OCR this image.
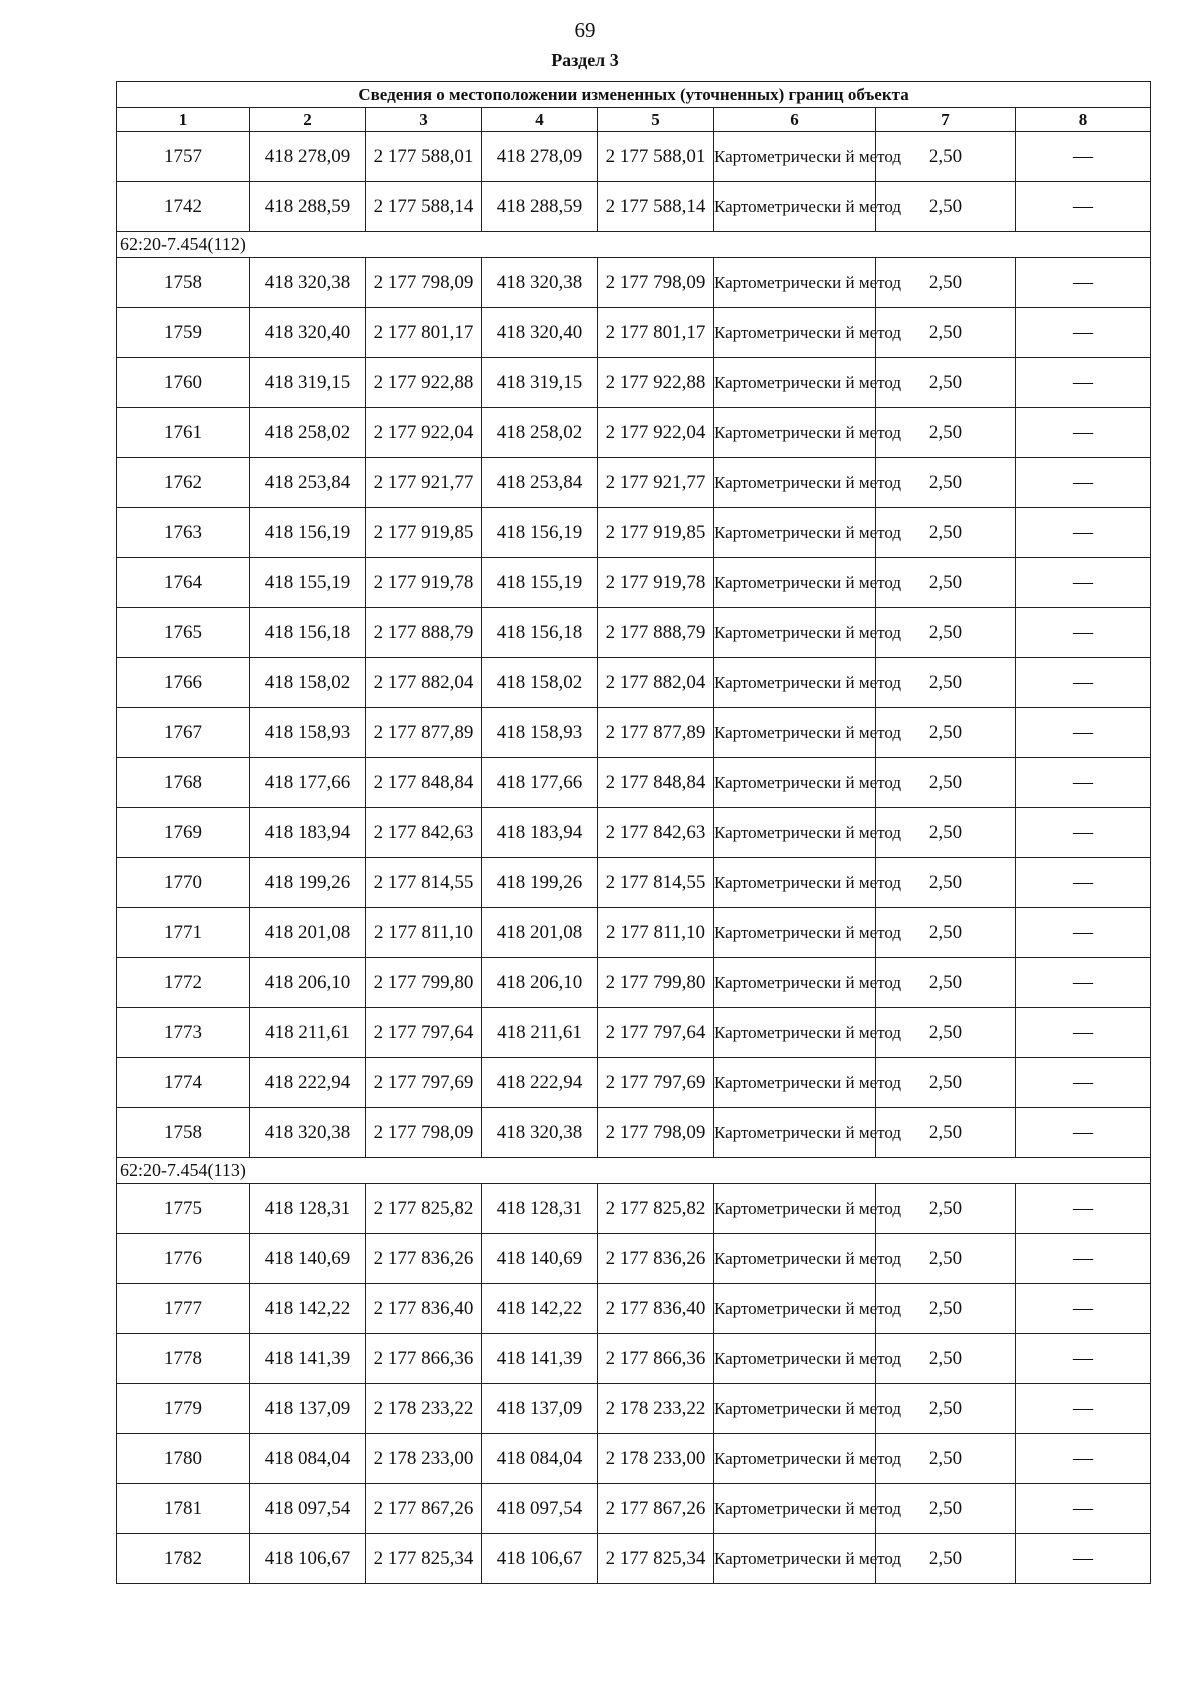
69
Раздел 3
Сведения о местоположении измененных (уточненных) границ объекта							
1	2	3	4	5	6	7	8
1757	418 278,09	2 177 588,01	418 278,09	2 177 588,01	Картометрически й метод	2,50	—
1742	418 288,59	2 177 588,14	418 288,59	2 177 588,14	Картометрически й метод	2,50	—
62:20-7.454(112)							
1758	418 320,38	2 177 798,09	418 320,38	2 177 798,09	Картометрически й метод	2,50	—
1759	418 320,40	2 177 801,17	418 320,40	2 177 801,17	Картометрически й метод	2,50	—
1760	418 319,15	2 177 922,88	418 319,15	2 177 922,88	Картометрически й метод	2,50	—
1761	418 258,02	2 177 922,04	418 258,02	2 177 922,04	Картометрически й метод	2,50	—
1762	418 253,84	2 177 921,77	418 253,84	2 177 921,77	Картометрически й метод	2,50	—
1763	418 156,19	2 177 919,85	418 156,19	2 177 919,85	Картометрически й метод	2,50	—
1764	418 155,19	2 177 919,78	418 155,19	2 177 919,78	Картометрически й метод	2,50	—
1765	418 156,18	2 177 888,79	418 156,18	2 177 888,79	Картометрически й метод	2,50	—
1766	418 158,02	2 177 882,04	418 158,02	2 177 882,04	Картометрически й метод	2,50	—
1767	418 158,93	2 177 877,89	418 158,93	2 177 877,89	Картометрически й метод	2,50	—
1768	418 177,66	2 177 848,84	418 177,66	2 177 848,84	Картометрически й метод	2,50	—
1769	418 183,94	2 177 842,63	418 183,94	2 177 842,63	Картометрически й метод	2,50	—
1770	418 199,26	2 177 814,55	418 199,26	2 177 814,55	Картометрически й метод	2,50	—
1771	418 201,08	2 177 811,10	418 201,08	2 177 811,10	Картометрически й метод	2,50	—
1772	418 206,10	2 177 799,80	418 206,10	2 177 799,80	Картометрически й метод	2,50	—
1773	418 211,61	2 177 797,64	418 211,61	2 177 797,64	Картометрически й метод	2,50	—
1774	418 222,94	2 177 797,69	418 222,94	2 177 797,69	Картометрически й метод	2,50	—
1758	418 320,38	2 177 798,09	418 320,38	2 177 798,09	Картометрически й метод	2,50	—
62:20-7.454(113)							
1775	418 128,31	2 177 825,82	418 128,31	2 177 825,82	Картометрически й метод	2,50	—
1776	418 140,69	2 177 836,26	418 140,69	2 177 836,26	Картометрически й метод	2,50	—
1777	418 142,22	2 177 836,40	418 142,22	2 177 836,40	Картометрически й метод	2,50	—
1778	418 141,39	2 177 866,36	418 141,39	2 177 866,36	Картометрически й метод	2,50	—
1779	418 137,09	2 178 233,22	418 137,09	2 178 233,22	Картометрически й метод	2,50	—
1780	418 084,04	2 178 233,00	418 084,04	2 178 233,00	Картометрически й метод	2,50	—
1781	418 097,54	2 177 867,26	418 097,54	2 177 867,26	Картометрически й метод	2,50	—
1782	418 106,67	2 177 825,34	418 106,67	2 177 825,34	Картометрически й метод	2,50	—
